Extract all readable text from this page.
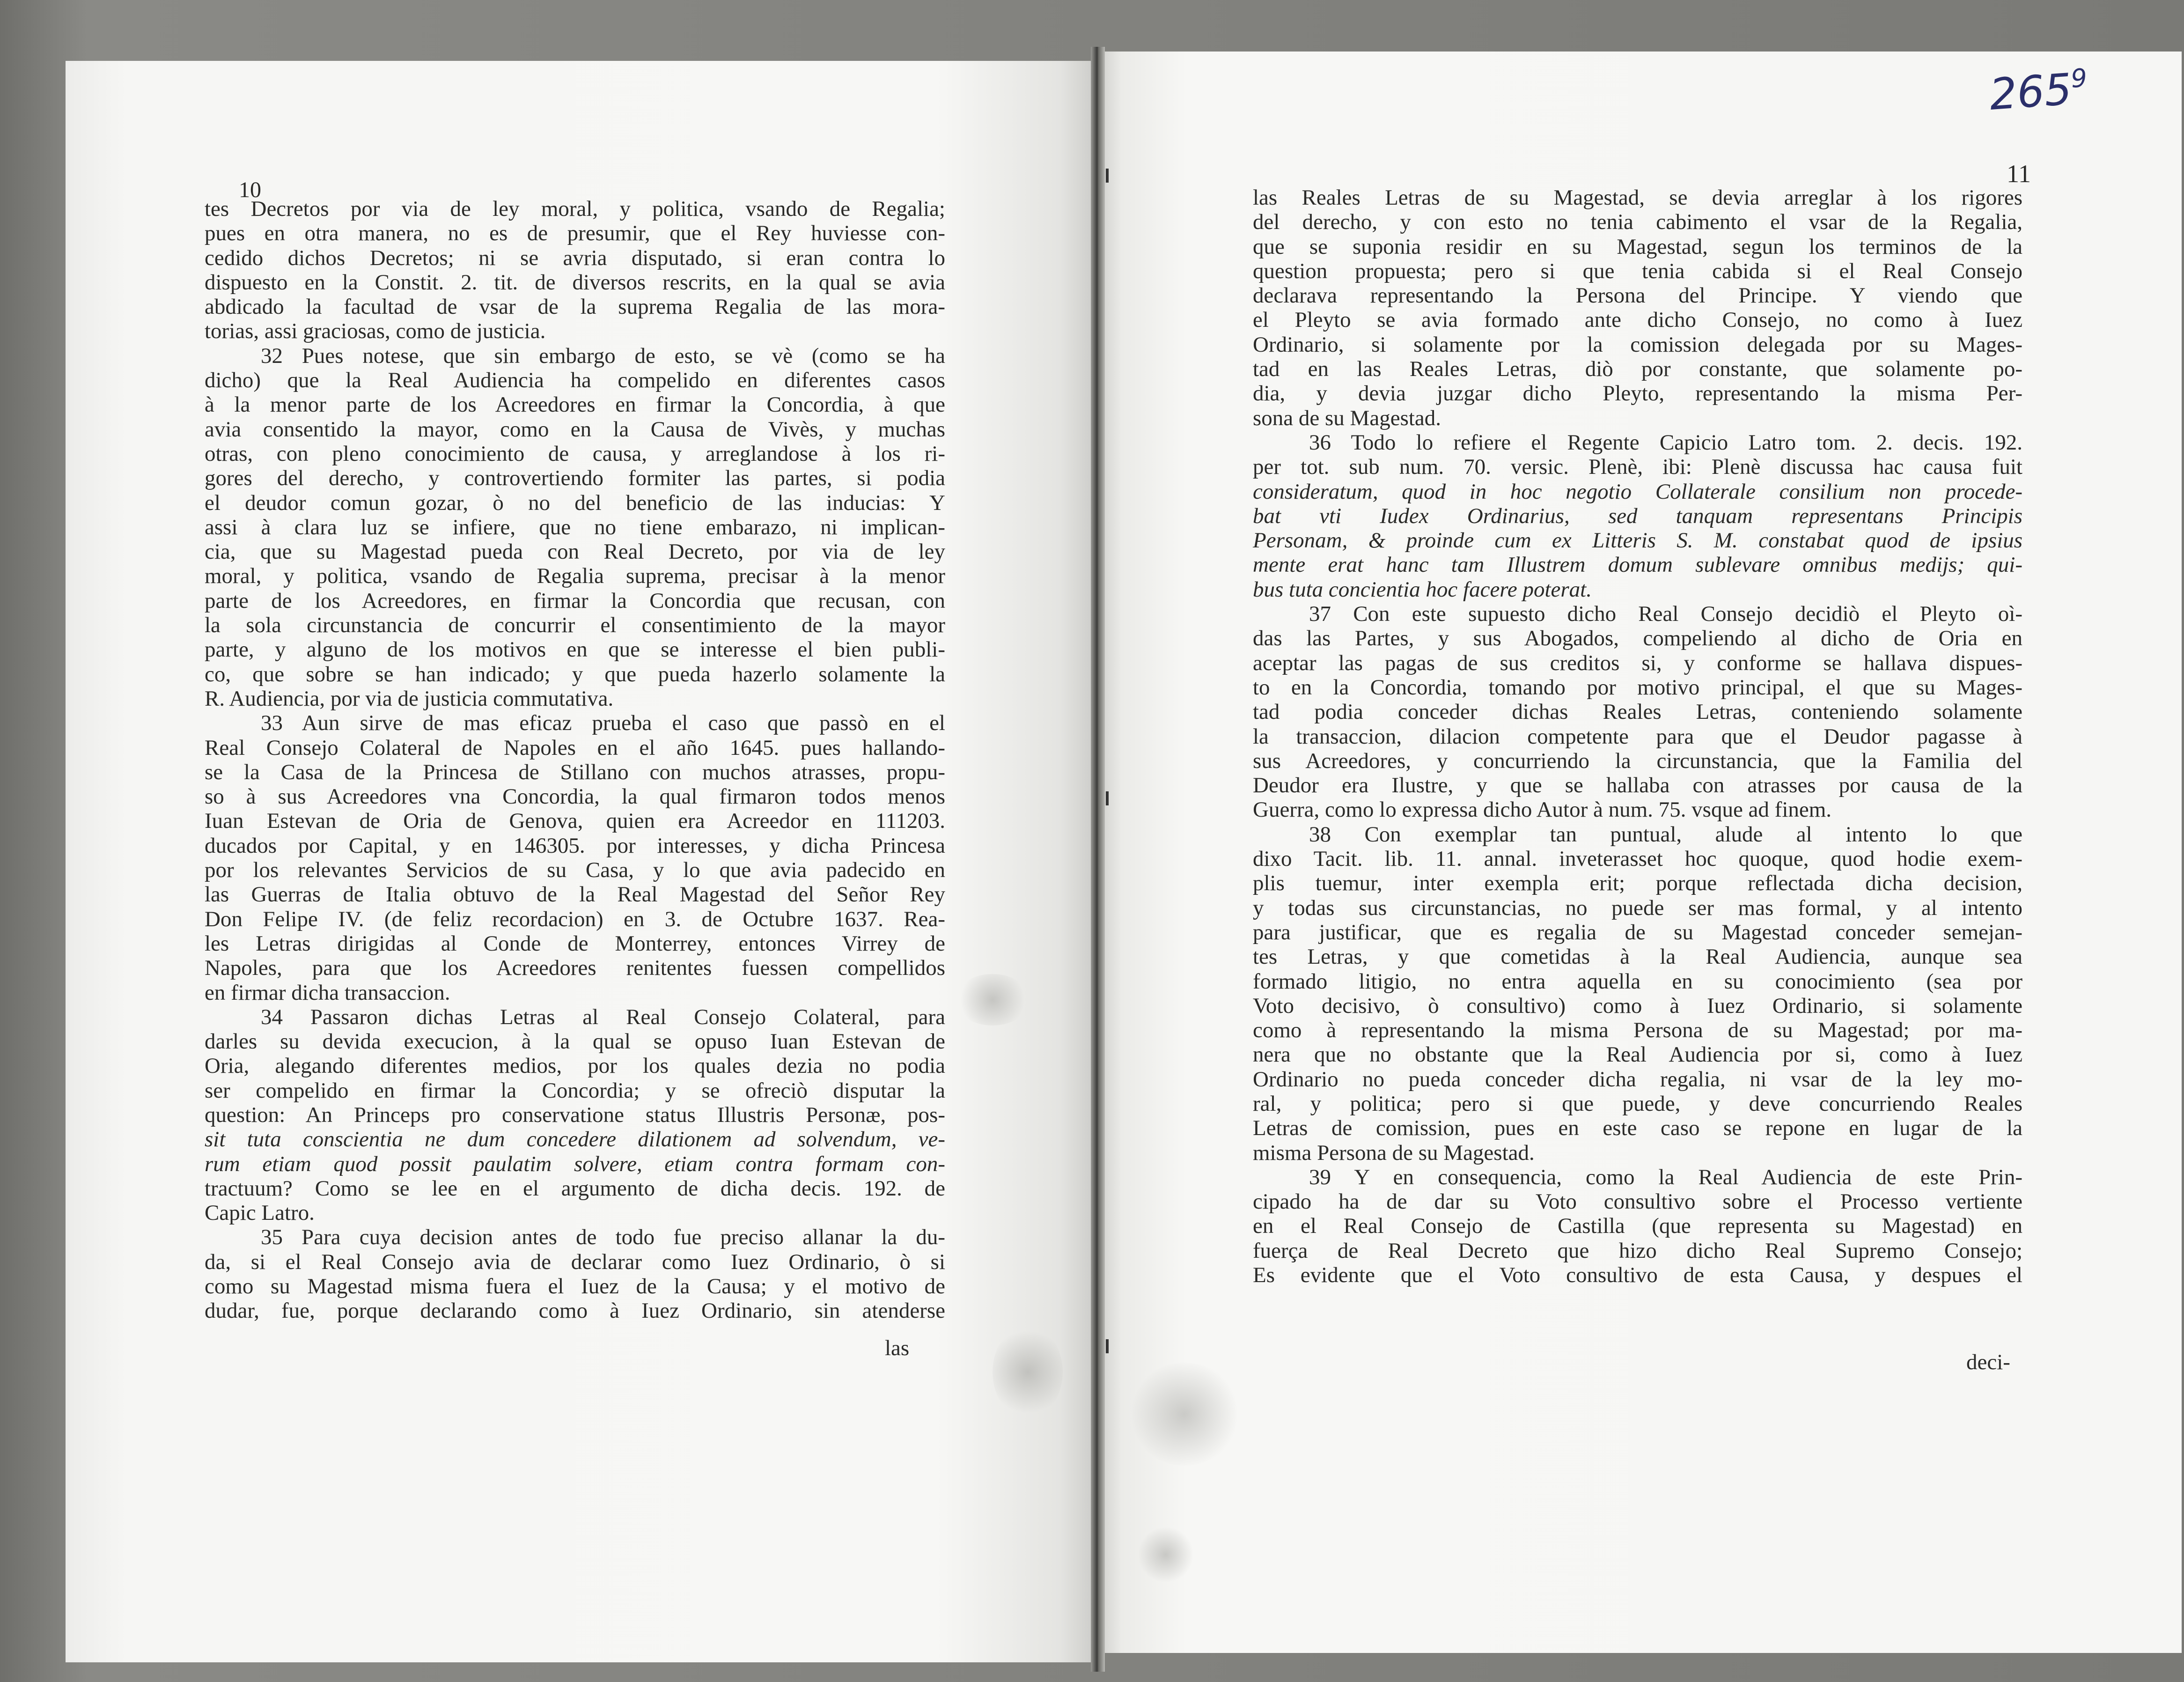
$265^9$
10
11
tes Decretos por via de ley moral, y politica, vsando de Regalia;
pues en otra manera, no es de presumir, que el Rey huviesse con-
cedido dichos Decretos; ni se avria disputado, si eran contra lo
dispuesto en la Constit. 2. tit. de diversos rescrits, en la qual se avia
abdicado la facultad de vsar de la suprema Regalia de las mora-
torias, assi graciosas, como de justicia.
32 Pues notese, que sin embargo de esto, se vè (como se ha
dicho) que la Real Audiencia ha compelido en diferentes casos
à la menor parte de los Acreedores en firmar la Concordia, à que
avia consentido la mayor, como en la Causa de Vivès, y muchas
otras, con pleno conocimiento de causa, y arreglandose à los ri-
gores del derecho, y controvertiendo formiter las partes, si podia
el deudor comun gozar, ò no del beneficio de las inducias: Y
assi à clara luz se infiere, que no tiene embarazo, ni implican-
cia, que su Magestad pueda con Real Decreto, por via de ley
moral, y politica, vsando de Regalia suprema, precisar à la menor
parte de los Acreedores, en firmar la Concordia que recusan, con
la sola circunstancia de concurrir el consentimiento de la mayor
parte, y alguno de los motivos en que se interesse el bien publi-
co, que sobre se han indicado; y que pueda hazerlo solamente la
R. Audiencia, por via de justicia commutativa.
33 Aun sirve de mas eficaz prueba el caso que passò en el
Real Consejo Colateral de Napoles en el año 1645. pues hallando-
se la Casa de la Princesa de Stillano con muchos atrasses, propu-
so à sus Acreedores vna Concordia, la qual firmaron todos menos
Iuan Estevan de Oria de Genova, quien era Acreedor en 111203.
ducados por Capital, y en 146305. por interesses, y dicha Princesa
por los relevantes Servicios de su Casa, y lo que avia padecido en
las Guerras de Italia obtuvo de la Real Magestad del Señor Rey
Don Felipe IV. (de feliz recordacion) en 3. de Octubre 1637. Rea-
les Letras dirigidas al Conde de Monterrey, entonces Virrey de
Napoles, para que los Acreedores renitentes fuessen compellidos
en firmar dicha transaccion.
34 Passaron dichas Letras al Real Consejo Colateral, para
darles su devida execucion, à la qual se opuso Iuan Estevan de
Oria, alegando diferentes medios, por los quales dezia no podia
ser compelido en firmar la Concordia; y se ofreciò disputar la
question: An Princeps pro conservatione status Illustris Personæ, pos-
sit tuta conscientia ne dum concedere dilationem ad solvendum, ve-
rum etiam quod possit paulatim solvere, etiam contra formam con-
tractuum? Como se lee en el argumento de dicha decis. 192. de
Capic Latro.
35 Para cuya decision antes de todo fue preciso allanar la du-
da, si el Real Consejo avia de declarar como Iuez Ordinario, ò si
como su Magestad misma fuera el Iuez de la Causa; y el motivo de
dudar, fue, porque declarando como à Iuez Ordinario, sin atenderse
las
las Reales Letras de su Magestad, se devia arreglar à los rigores
del derecho, y con esto no tenia cabimento el vsar de la Regalia,
que se suponia residir en su Magestad, segun los terminos de la
question propuesta; pero si que tenia cabida si el Real Consejo
declarava representando la Persona del Principe. Y viendo que
el Pleyto se avia formado ante dicho Consejo, no como à Iuez
Ordinario, si solamente por la comission delegada por su Mages-
tad en las Reales Letras, diò por constante, que solamente po-
dia, y devia juzgar dicho Pleyto, representando la misma Per-
sona de su Magestad.
36 Todo lo refiere el Regente Capicio Latro tom. 2. decis. 192.
per tot. sub num. 70. versic. Plenè, ibi: Plenè discussa hac causa fuit
consideratum, quod in hoc negotio Collaterale consilium non procede-
bat vti Iudex Ordinarius, sed tanquam representans Principis
Personam, & proinde cum ex Litteris S. M. constabat quod de ipsius
mente erat hanc tam Illustrem domum sublevare omnibus medijs; qui-
bus tuta concientia hoc facere poterat.
37 Con este supuesto dicho Real Consejo decidiò el Pleyto oì-
das las Partes, y sus Abogados, compeliendo al dicho de Oria en
aceptar las pagas de sus creditos si, y conforme se hallava dispues-
to en la Concordia, tomando por motivo principal, el que su Mages-
tad podia conceder dichas Reales Letras, conteniendo solamente
la transaccion, dilacion competente para que el Deudor pagasse à
sus Acreedores, y concurriendo la circunstancia, que la Familia del
Deudor era Ilustre, y que se hallaba con atrasses por causa de la
Guerra, como lo expressa dicho Autor à num. 75. vsque ad finem.
38 Con exemplar tan puntual, alude al intento lo que
dixo Tacit. lib. 11. annal. inveterasset hoc quoque, quod hodie exem-
plis tuemur, inter exempla erit; porque reflectada dicha decision,
y todas sus circunstancias, no puede ser mas formal, y al intento
para justificar, que es regalia de su Magestad conceder semejan-
tes Letras, y que cometidas à la Real Audiencia, aunque sea
formado litigio, no entra aquella en su conocimiento (sea por
Voto decisivo, ò consultivo) como à Iuez Ordinario, si solamente
como à representando la misma Persona de su Magestad; por ma-
nera que no obstante que la Real Audiencia por si, como à Iuez
Ordinario no pueda conceder dicha regalia, ni vsar de la ley mo-
ral, y politica; pero si que puede, y deve concurriendo Reales
Letras de comission, pues en este caso se repone en lugar de la
misma Persona de su Magestad.
39 Y en consequencia, como la Real Audiencia de este Prin-
cipado ha de dar su Voto consultivo sobre el Processo vertiente
en el Real Consejo de Castilla (que representa su Magestad) en
fuerça de Real Decreto que hizo dicho Real Supremo Consejo;
Es evidente que el Voto consultivo de esta Causa, y despues el
deci-
